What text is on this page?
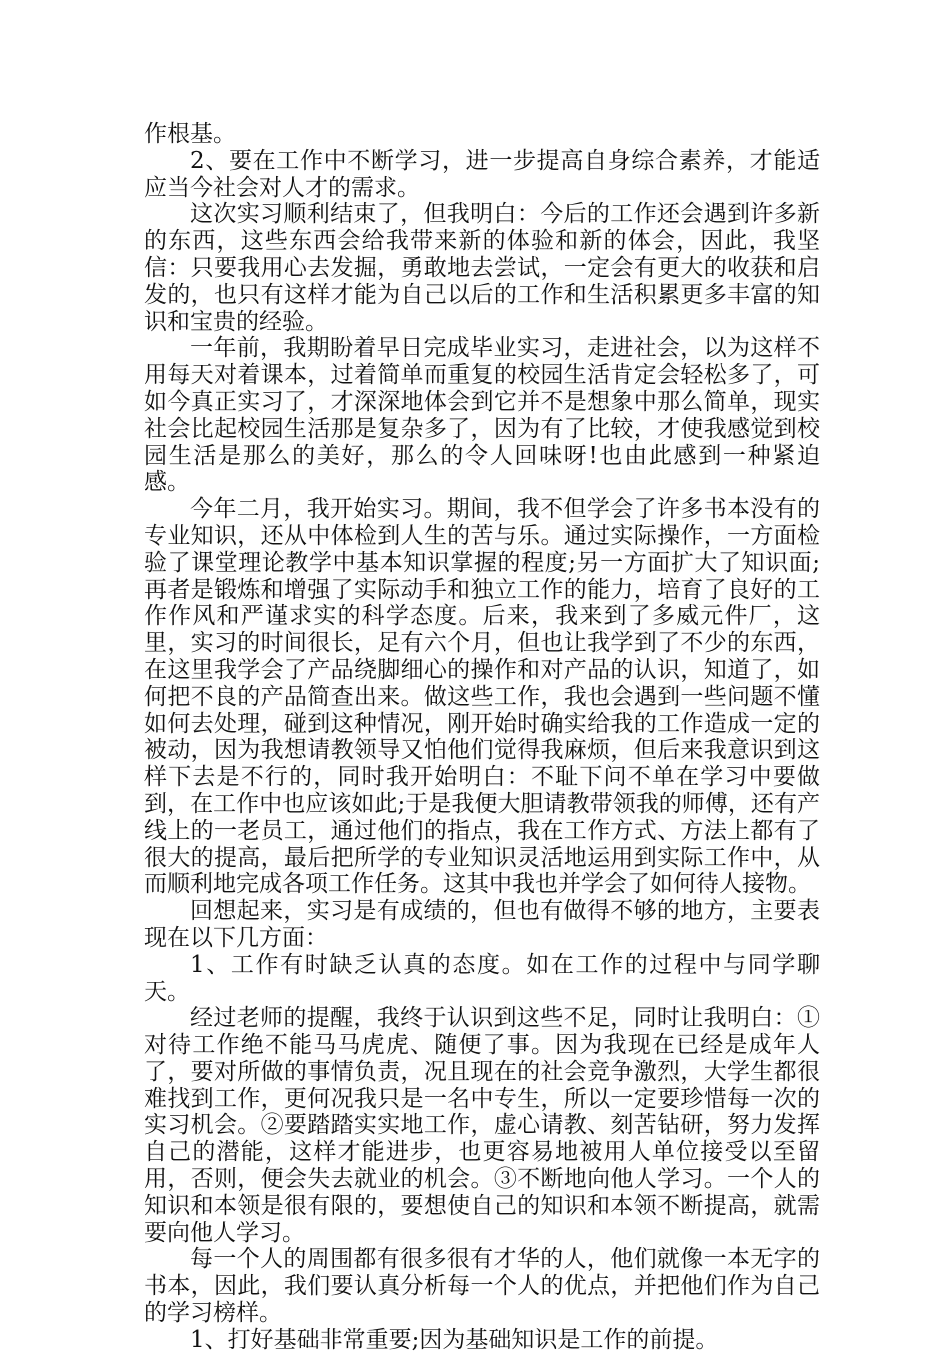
作根基。

2、要在工作中不断学习，进一步提高自身综合素养，才能适应当今社会对人才的需求。

这次实习顺利结束了，但我明白：今后的工作还会遇到许多新的东西，这些东西会给我带来新的体验和新的体会，因此，我坚信：只要我用心去发掘，勇敢地去尝试，一定会有更大的收获和启发的，也只有这样才能为自己以后的工作和生活积累更多丰富的知识和宝贵的经验。

一年前，我期盼着早日完成毕业实习，走进社会，以为这样不用每天对着课本，过着简单而重复的校园生活肯定会轻松多了，可如今真正实习了，才深深地体会到它并不是想象中那么简单，现实社会比起校园生活那是复杂多了，因为有了比较，才使我感觉到校园生活是那么的美好，那么的令人回味呀!也由此感到一种紧迫感。

今年二月，我开始实习。期间，我不但学会了许多书本没有的专业知识，还从中体检到人生的苦与乐。通过实际操作，一方面检验了课堂理论教学中基本知识掌握的程度;另一方面扩大了知识面;再者是锻炼和增强了实际动手和独立工作的能力，培育了良好的工作作风和严谨求实的科学态度。后来，我来到了多威元件厂，这里，实习的时间很长，足有六个月，但也让我学到了不少的东西，在这里我学会了产品绕脚细心的操作和对产品的认识，知道了，如何把不良的产品简查出来。做这些工作，我也会遇到一些问题不懂如何去处理，碰到这种情况，刚开始时确实给我的工作造成一定的被动，因为我想请教领导又怕他们觉得我麻烦，但后来我意识到这样下去是不行的，同时我开始明白：不耻下问不单在学习中要做到，在工作中也应该如此;于是我便大胆请教带领我的师傅，还有产线上的一老员工，通过他们的指点，我在工作方式、方法上都有了很大的提高，最后把所学的专业知识灵活地运用到实际工作中，从而顺利地完成各项工作任务。这其中我也并学会了如何待人接物。

回想起来，实习是有成绩的，但也有做得不够的地方，主要表现在以下几方面：

1、工作有时缺乏认真的态度。如在工作的过程中与同学聊天。

经过老师的提醒，我终于认识到这些不足，同时让我明白：①对待工作绝不能马马虎虎、随便了事。因为我现在已经是成年人了，要对所做的事情负责，况且现在的社会竞争激烈，大学生都很难找到工作，更何况我只是一名中专生，所以一定要珍惜每一次的实习机会。②要踏踏实实地工作，虚心请教、刻苦钻研，努力发挥自己的潜能，这样才能进步，也更容易地被用人单位接受以至留用，否则，便会失去就业的机会。③不断地向他人学习。一个人的知识和本领是很有限的，要想使自己的知识和本领不断提高，就需要向他人学习。

每一个人的周围都有很多很有才华的人，他们就像一本无字的书本，因此，我们要认真分析每一个人的优点，并把他们作为自己的学习榜样。

1、打好基础非常重要;因为基础知识是工作的前提。
